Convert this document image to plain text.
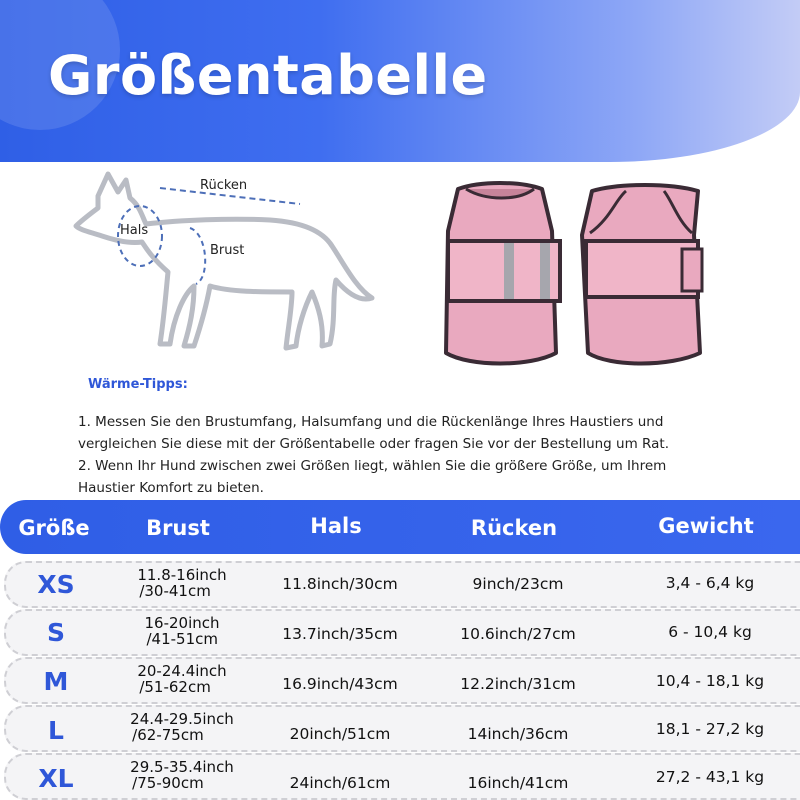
Größentabelle
Rücken
Hals
Brust
Wärme-Tipps:
1. Messen Sie den Brustumfang, Halsumfang und die Rückenlänge Ihres Haustiers und
vergleichen Sie diese mit der Größentabelle oder fragen Sie vor der Bestellung um Rat.
2. Wenn Ihr Hund zwischen zwei Größen liegt, wählen Sie die größere Größe, um Ihrem
Haustier Komfort zu bieten.
Größe	Brust	Hals	Rücken	Gewicht
XS	11.8-16inch
/30-41cm	11.8inch/30cm	9inch/23cm	3,4 - 6,4 kg
S	16-20inch
/41-51cm	13.7inch/35cm	10.6inch/27cm	6 - 10,4 kg
M	20-24.4inch
/51-62cm	16.9inch/43cm	12.2inch/31cm	10,4 - 18,1 kg
L	24.4-29.5inch
/62-75cm	20inch/51cm	14inch/36cm	18,1 - 27,2 kg
XL	29.5-35.4inch
/75-90cm	24inch/61cm	16inch/41cm	27,2 - 43,1 kg
